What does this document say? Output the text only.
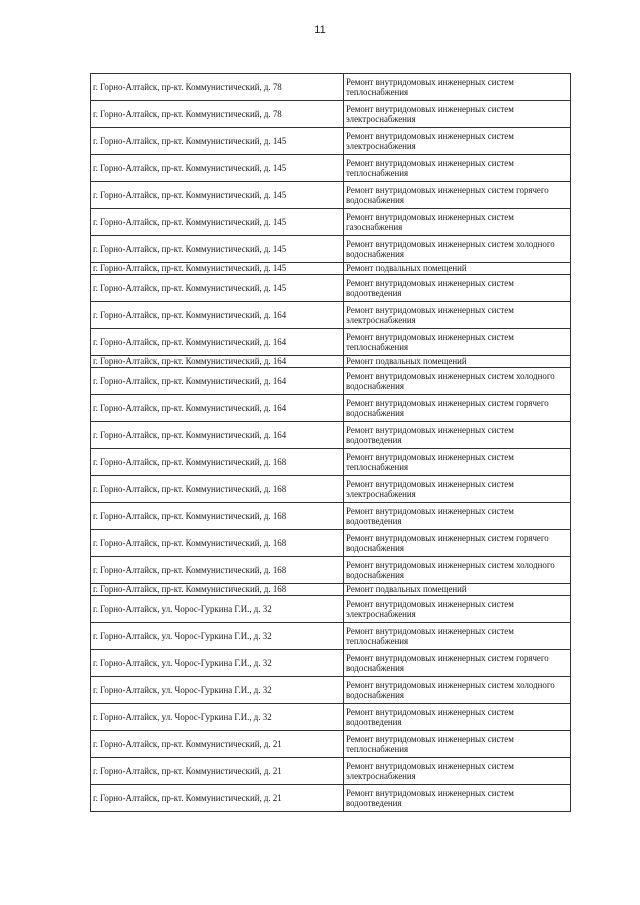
11
г. Горно-Алтайск, пр-кт. Коммунистический, д. 78	Ремонт внутридомовых инженерных систем теплоснабжения
г. Горно-Алтайск, пр-кт. Коммунистический, д. 78	Ремонт внутридомовых инженерных систем электроснабжения
г. Горно-Алтайск, пр-кт. Коммунистический, д. 145	Ремонт внутридомовых инженерных систем электроснабжения
г. Горно-Алтайск, пр-кт. Коммунистический, д. 145	Ремонт внутридомовых инженерных систем теплоснабжения
г. Горно-Алтайск, пр-кт. Коммунистический, д. 145	Ремонт внутридомовых инженерных систем горячего водоснабжения
г. Горно-Алтайск, пр-кт. Коммунистический, д. 145	Ремонт внутридомовых инженерных систем газоснабжения
г. Горно-Алтайск, пр-кт. Коммунистический, д. 145	Ремонт внутридомовых инженерных систем холодного водоснабжения
г. Горно-Алтайск, пр-кт. Коммунистический, д. 145	Ремонт подвальных помещений
г. Горно-Алтайск, пр-кт. Коммунистический, д. 145	Ремонт внутридомовых инженерных систем водоотведения
г. Горно-Алтайск, пр-кт. Коммунистический, д. 164	Ремонт внутридомовых инженерных систем электроснабжения
г. Горно-Алтайск, пр-кт. Коммунистический, д. 164	Ремонт внутридомовых инженерных систем теплоснабжения
г. Горно-Алтайск, пр-кт. Коммунистический, д. 164	Ремонт подвальных помещений
г. Горно-Алтайск, пр-кт. Коммунистический, д. 164	Ремонт внутридомовых инженерных систем холодного водоснабжения
г. Горно-Алтайск, пр-кт. Коммунистический, д. 164	Ремонт внутридомовых инженерных систем горячего водоснабжения
г. Горно-Алтайск, пр-кт. Коммунистический, д. 164	Ремонт внутридомовых инженерных систем водоотведения
г. Горно-Алтайск, пр-кт. Коммунистический, д. 168	Ремонт внутридомовых инженерных систем теплоснабжения
г. Горно-Алтайск, пр-кт. Коммунистический, д. 168	Ремонт внутридомовых инженерных систем электроснабжения
г. Горно-Алтайск, пр-кт. Коммунистический, д. 168	Ремонт внутридомовых инженерных систем водоотведения
г. Горно-Алтайск, пр-кт. Коммунистический, д. 168	Ремонт внутридомовых инженерных систем горячего водоснабжения
г. Горно-Алтайск, пр-кт. Коммунистический, д. 168	Ремонт внутридомовых инженерных систем холодного водоснабжения
г. Горно-Алтайск, пр-кт. Коммунистический, д. 168	Ремонт подвальных помещений
г. Горно-Алтайск, ул. Чорос-Гуркина Г.И., д. 32	Ремонт внутридомовых инженерных систем электроснабжения
г. Горно-Алтайск, ул. Чорос-Гуркина Г.И., д. 32	Ремонт внутридомовых инженерных систем теплоснабжения
г. Горно-Алтайск, ул. Чорос-Гуркина Г.И., д. 32	Ремонт внутридомовых инженерных систем горячего водоснабжения
г. Горно-Алтайск, ул. Чорос-Гуркина Г.И., д. 32	Ремонт внутридомовых инженерных систем холодного водоснабжения
г. Горно-Алтайск, ул. Чорос-Гуркина Г.И., д. 32	Ремонт внутридомовых инженерных систем водоотведения
г. Горно-Алтайск, пр-кт. Коммунистический, д. 21	Ремонт внутридомовых инженерных систем теплоснабжения
г. Горно-Алтайск, пр-кт. Коммунистический, д. 21	Ремонт внутридомовых инженерных систем электроснабжения
г. Горно-Алтайск, пр-кт. Коммунистический, д. 21	Ремонт внутридомовых инженерных систем водоотведения
